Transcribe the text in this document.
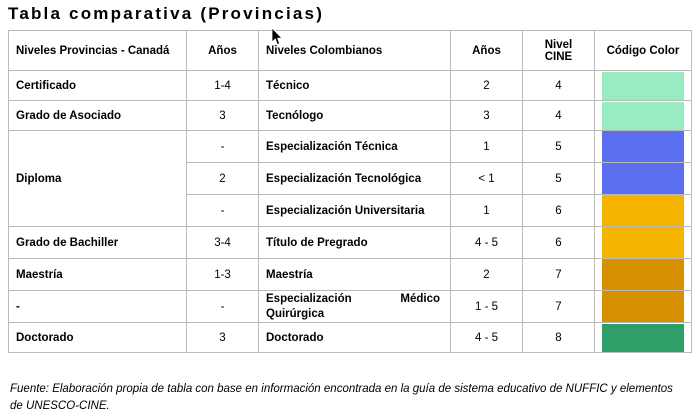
Tabla comparativa (Provincias)
Niveles Provincias - Canadá	Años	Niveles Colombianos	Años	Nivel CINE	Código Color
Certificado	1-4	Técnico	2	4	

Grado de Asociado	3	Tecnólogo	3	4	

Diploma	-	Especialización Técnica	1	5	

	2	Especialización Tecnológica	< 1	5	

	-	Especialización Universitaria	1	6	

Grado de Bachiller	3-4	Título de Pregrado	4 - 5	6	

Maestría	1-3	Maestría	2	7	

-	-	Especialización Médico Quirúrgica	1 - 5	7	

Doctorado	3	Doctorado	4 - 5	8	
Fuente: Elaboración propia de tabla con base en información encontrada en la guía de sistema educativo de NUFFIC y elementos de UNESCO-CINE.
